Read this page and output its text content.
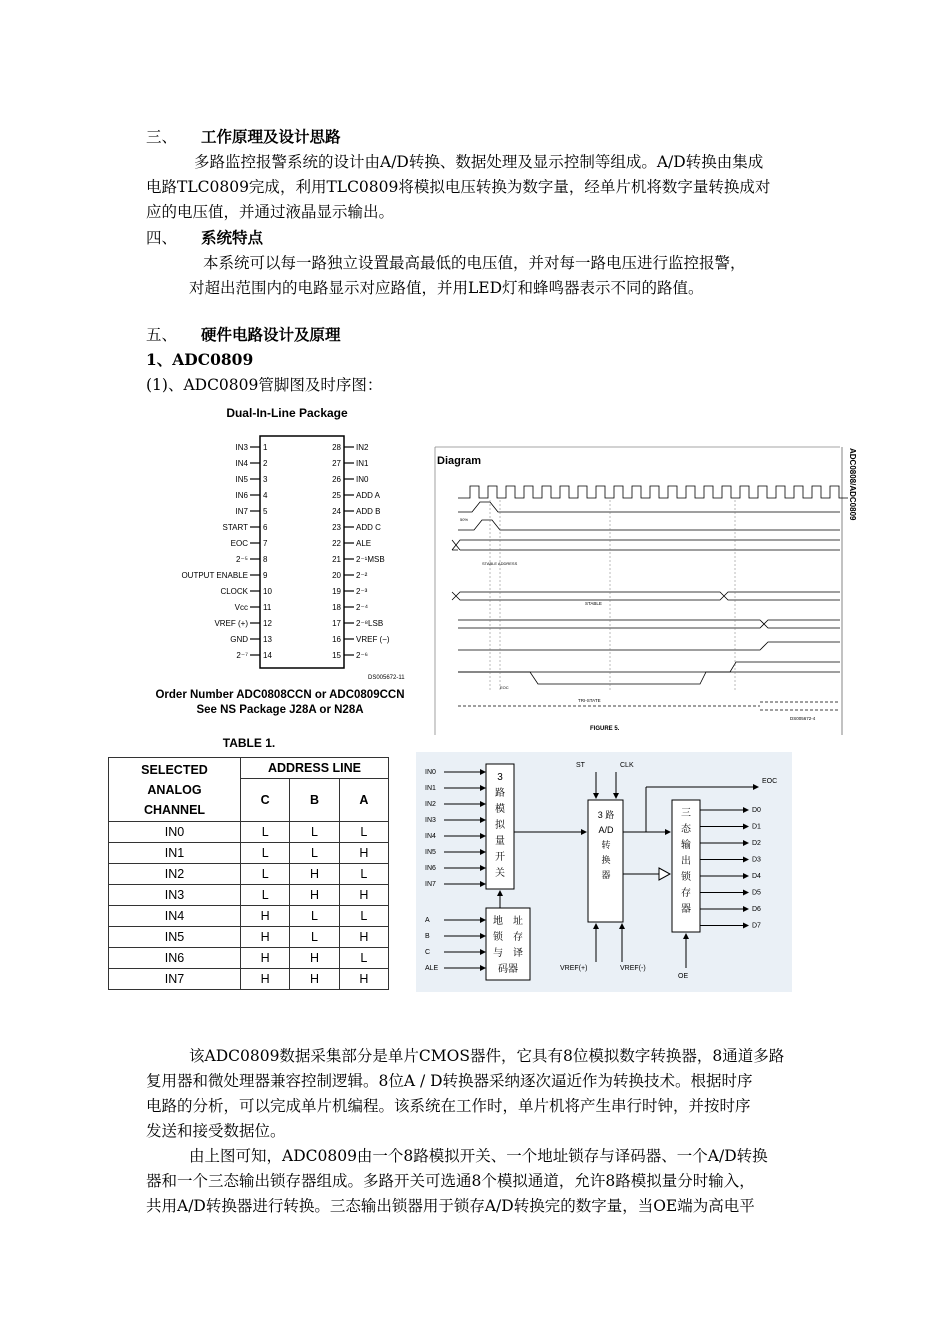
三、 工作原理及设计思路
多路监控报警系统的设计由A/D转换、数据处理及显示控制等组成。A/D转换由集成
电路TLC0809完成，利用TLC0809将模拟电压转换为数字量，经单片机将数字量转换成对
应的电压值，并通过液晶显示输出。
四、 系统特点
本系统可以每一路独立设置最高最低的电压值，并对每一路电压进行监控报警，
对超出范围内的电路显示对应路值，并用LED灯和蜂鸣器表示不同的路值。
五、 硬件电路设计及原理
1、ADC0809
(1)、ADC0809管脚图及时序图：
Dual-In-Line Package
IN3 1
IN4 2
IN5 3
IN6 4
IN7 5
START 6
EOC 7
2⁻⁵ 8
OUTPUT ENABLE 9
CLOCK 10
Vcc 11
VREF (+) 12
GND 13
2⁻⁷ 14
28 IN2
27 IN1
26 IN0
25 ADD A
24 ADD B
23 ADD C
22 ALE
21 2⁻¹MSB
20 2⁻²
19 2⁻³
18 2⁻⁴
17 2⁻⁸LSB
16 VREF (−)
15 2⁻⁶
DS005672-11
Order Number ADC0808CCN or ADC0809CCN
See NS Package J28A or N28A
Diagram	ADC0808/ADC0809
STABLE
STABLE ADDRESS
EOC
TRI-STATE
50%
DS005672-4
FIGURE 5.
TABLE 1.
SELECTED
ANALOG
CHANNEL	ADDRESS LINE		
	C	B	A
IN0	L	L	L
IN1	L	L	H
IN2	L	H	L
IN3	L	H	H
IN4	H	L	L
IN5	H	L	H
IN6	H	H	L
IN7	H	H	H
3
路
模
拟
量
开
关
IN0
IN1
IN2
IN3
IN4
IN5
IN6
IN7
地　址
锁　存
与　译
码器
A
B
C
ALE
3 路
A/D
转
换
器
ST	CLK
VREF(+)	VREF(-)
EOC
三
态
输
出
锁
存
器
D0
D1
D2
D3
D4
D5
D6
D7
OE
该ADC0809数据采集部分是单片CMOS器件，它具有8位模拟数字转换器，8通道多路
复用器和微处理器兼容控制逻辑。8位A / D转换器采纳逐次逼近作为转换技术。根据时序
电路的分析，可以完成单片机编程。该系统在工作时，单片机将产生串行时钟，并按时序
发送和接受数据位。
由上图可知，ADC0809由一个8路模拟开关、一个地址锁存与译码器、一个A/D转换
器和一个三态输出锁存器组成。多路开关可选通8个模拟通道，允许8路模拟量分时输入，
共用A/D转换器进行转换。三态输出锁器用于锁存A/D转换完的数字量，当OE端为高电平
